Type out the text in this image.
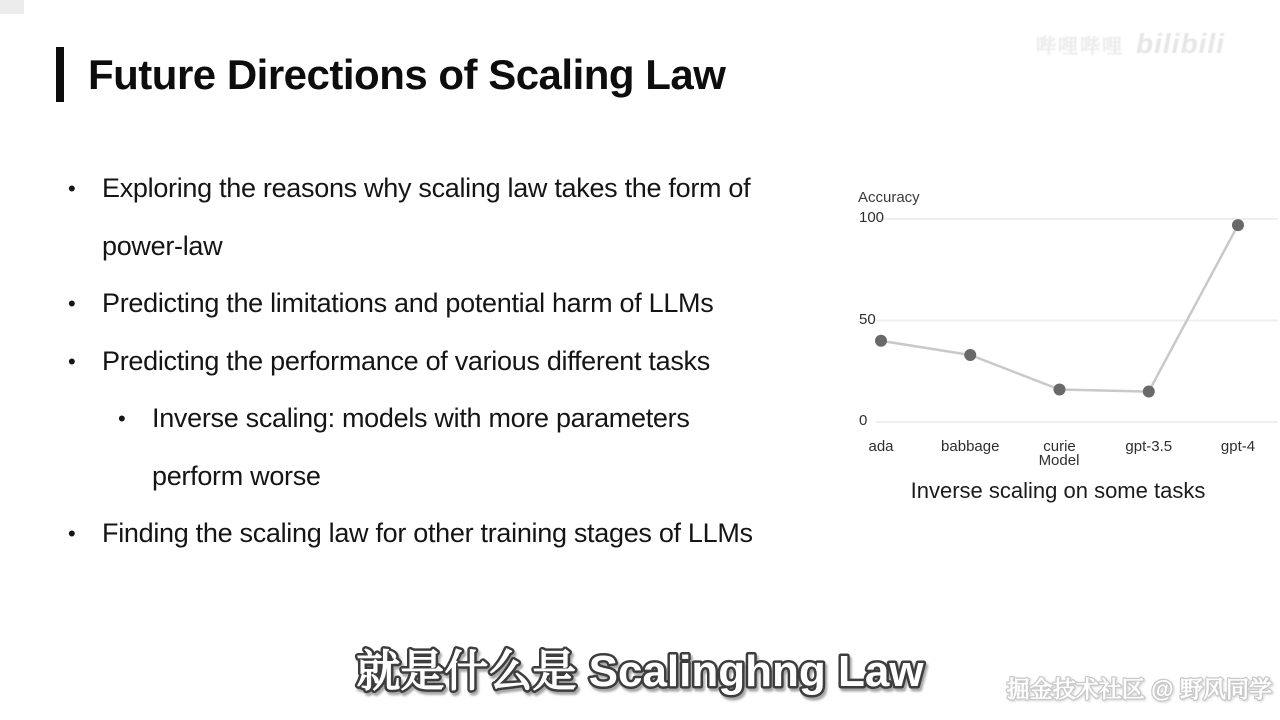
哔哩哔哩 bilibili
Future Directions of Scaling Law
• Exploring the reasons why scaling law takes the form of
power-law
• Predicting the limitations and potential harm of LLMs
• Predicting the performance of various different tasks
• Inverse scaling: models with more parameters
perform worse
• Finding the scaling law for other training stages of LLMs
Accuracy
Model
Inverse scaling on some tasks
100
50
0
ada	babbage	curie	gpt-3.5	gpt-4
就是什么是 Scalinghng Law	掘金技术社区 @ 野风同学
